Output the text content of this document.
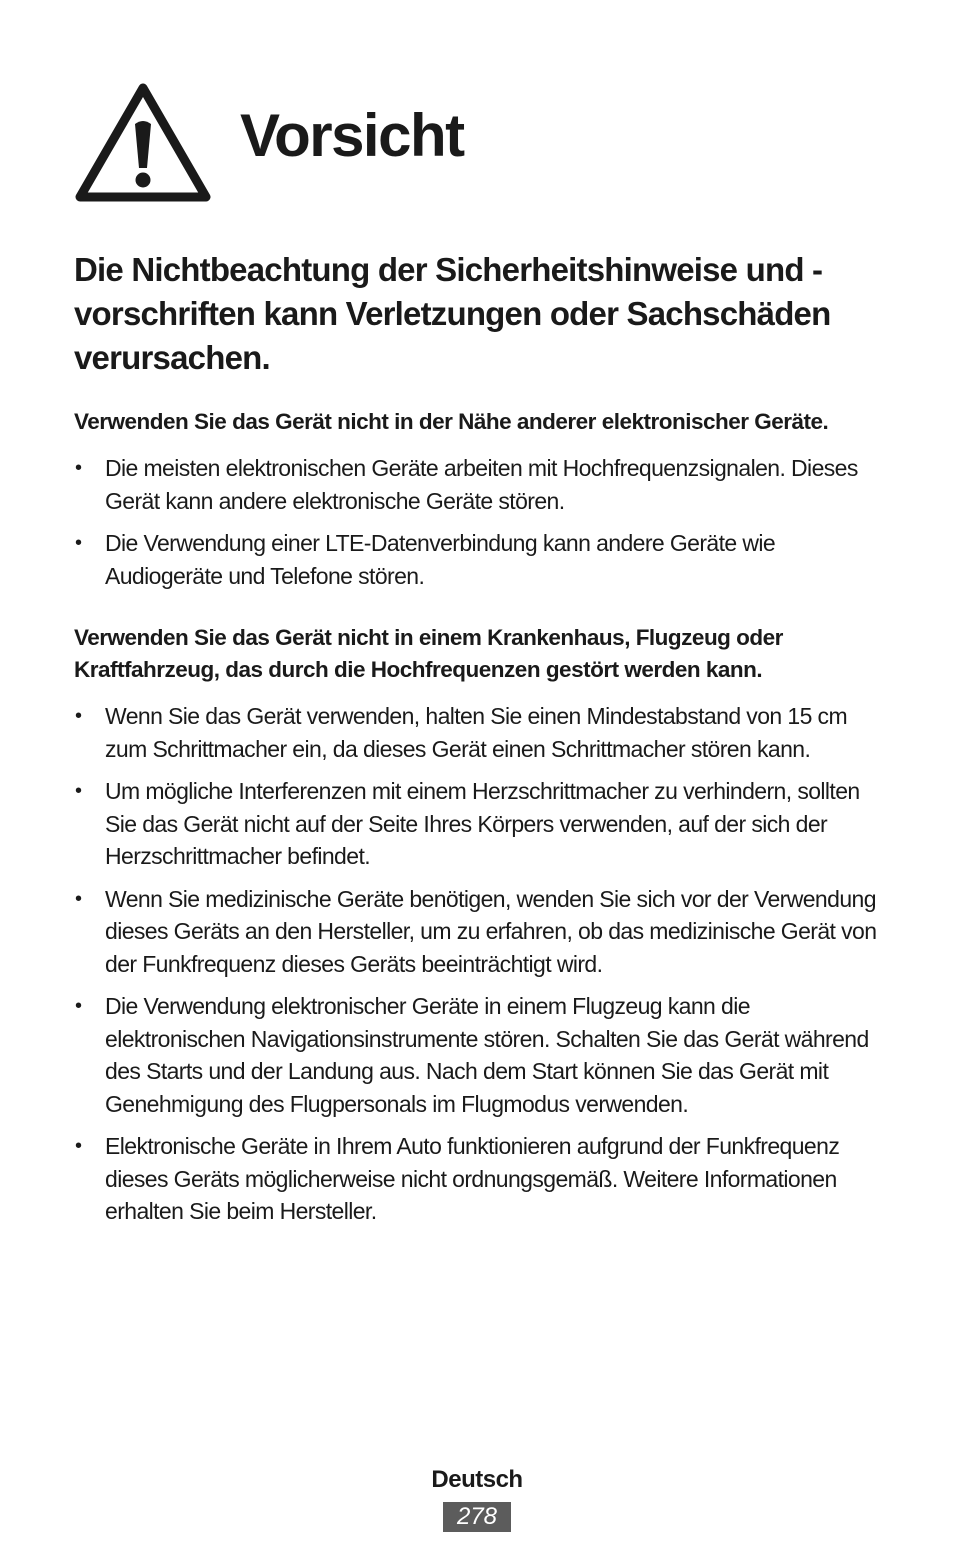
Vorsicht

Die Nichtbeachtung der Sicherheitshinweise und -vorschriften kann Verletzungen oder Sachschäden verursachen.

Verwenden Sie das Gerät nicht in der Nähe anderer elektronischer Geräte.

• Die meisten elektronischen Geräte arbeiten mit Hochfrequenzsignalen. Dieses Gerät kann andere elektronische Geräte stören.
• Die Verwendung einer LTE-Datenverbindung kann andere Geräte wie Audiogeräte und Telefone stören.

Verwenden Sie das Gerät nicht in einem Krankenhaus, Flugzeug oder Kraftfahrzeug, das durch die Hochfrequenzen gestört werden kann.

• Wenn Sie das Gerät verwenden, halten Sie einen Mindestabstand von 15 cm zum Schrittmacher ein, da dieses Gerät einen Schrittmacher stören kann.
• Um mögliche Interferenzen mit einem Herzschrittmacher zu verhindern, sollten Sie das Gerät nicht auf der Seite Ihres Körpers verwenden, auf der sich der Herzschrittmacher befindet.
• Wenn Sie medizinische Geräte benötigen, wenden Sie sich vor der Verwendung dieses Geräts an den Hersteller, um zu erfahren, ob das medizinische Gerät von der Funkfrequenz dieses Geräts beeinträchtigt wird.
• Die Verwendung elektronischer Geräte in einem Flugzeug kann die elektronischen Navigationsinstrumente stören. Schalten Sie das Gerät während des Starts und der Landung aus. Nach dem Start können Sie das Gerät mit Genehmigung des Flugpersonals im Flugmodus verwenden.
• Elektronische Geräte in Ihrem Auto funktionieren aufgrund der Funkfrequenz dieses Geräts möglicherweise nicht ordnungsgemäß. Weitere Informationen erhalten Sie beim Hersteller.
Deutsch
278
